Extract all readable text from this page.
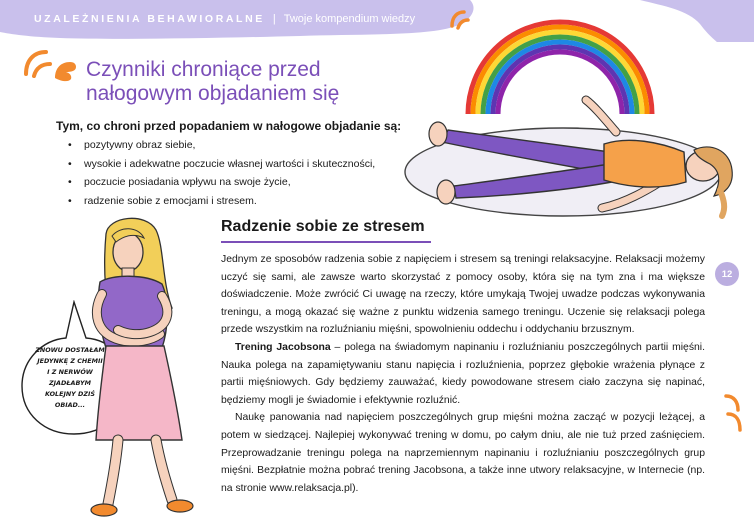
UZALEŻNIENIA BEHAWIORALNE | Twoje kompendium wiedzy
Czynniki chroniące przed
nałogowym objadaniem się

Tym, co chroni przed popadaniem w nałogowe objadanie są:

• pozytywny obraz siebie,
• wysokie i adekwatne poczucie własnej wartości i skuteczności,
• poczucie posiadania wpływu na swoje życie,
• radzenie sobie z emocjami i stresem.
Radzenie sobie ze stresem

Jednym ze sposobów radzenia sobie z napięciem i stresem są treningi relaksacyjne. Relaksacji możemy uczyć się sami, ale zawsze warto skorzystać z pomocy osoby, która się na tym zna i ma większe doświadczenie. Może zwrócić Ci uwagę na rzeczy, które umykają Twojej uwadze podczas wykonywania treningu, a mogą okazać się ważne z punktu widzenia samego treningu. Uczenie się relaksacji polega przede wszystkim na rozluźnianiu mięśni, spowolnieniu oddechu i oddychaniu brzusznym.

Trening Jacobsona – polega na świadomym napinaniu i rozluźnianiu poszczególnych partii mięśni. Nauka polega na zapamiętywaniu stanu napięcia i rozluźnienia, poprzez głębokie wrażenia płynące z partii mięśniowych. Gdy będziemy zauważać, kiedy powodowane stresem ciało zaczyna się napinać, będziemy mogli je świadomie i efektywnie rozluźnić.

Naukę panowania nad napięciem poszczególnych grup mięśni można zacząć w pozycji leżącej, a potem w siedzącej. Najlepiej wykonywać trening w domu, po całym dniu, ale nie tuż przed zaśnięciem. Przeprowadzanie treningu polega na naprzemiennym napinaniu i rozluźnianiu poszczególnych grup mięśni. Bezpłatnie można pobrać trening Jacobsona, a także inne utwory relaksacyjne, w Internecie (np. na stronie www.relaksacja.pl).

12
ZNOWU DOSTAŁAM
JEDYNKĘ Z CHEMII
I Z NERWÓW
ZJADŁABYM
KOLEJNY DZIŚ
OBIAD...
